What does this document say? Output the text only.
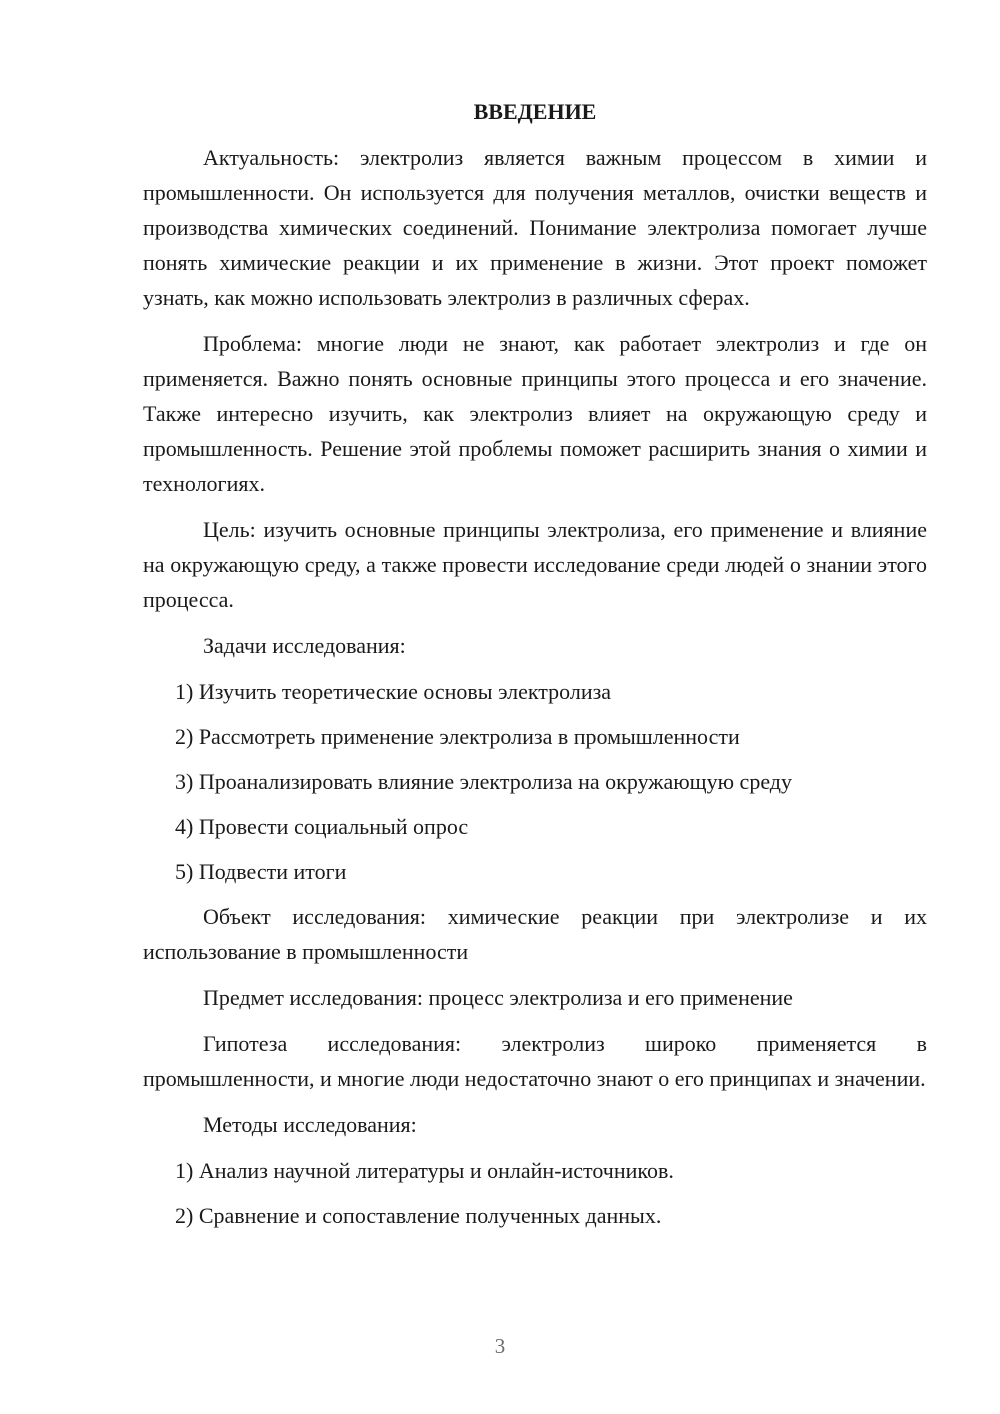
ВВЕДЕНИЕ

Актуальность: электролиз является важным процессом в химии и промышленности. Он используется для получения металлов, очистки веществ и производства химических соединений. Понимание электролиза помогает лучше понять химические реакции и их применение в жизни. Этот проект поможет узнать, как можно использовать электролиз в различных сферах.

Проблема: многие люди не знают, как работает электролиз и где он применяется. Важно понять основные принципы этого процесса и его значение. Также интересно изучить, как электролиз влияет на окружающую среду и промышленность. Решение этой проблемы поможет расширить знания о химии и технологиях.

Цель: изучить основные принципы электролиза, его применение и влияние на окружающую среду, а также провести исследование среди людей о знании этого процесса.

Задачи исследования:

1) Изучить теоретические основы электролиза

2) Рассмотреть применение электролиза в промышленности

3) Проанализировать влияние электролиза на окружающую среду

4) Провести социальный опрос

5) Подвести итоги

Объект исследования: химические реакции при электролизе и их использование в промышленности

Предмет исследования: процесс электролиза и его применение

Гипотеза исследования: электролиз широко применяется в промышленности, и многие люди недостаточно знают о его принципах и значении.

Методы исследования:

1) Анализ научной литературы и онлайн-источников.

2) Сравнение и сопоставление полученных данных.

3
